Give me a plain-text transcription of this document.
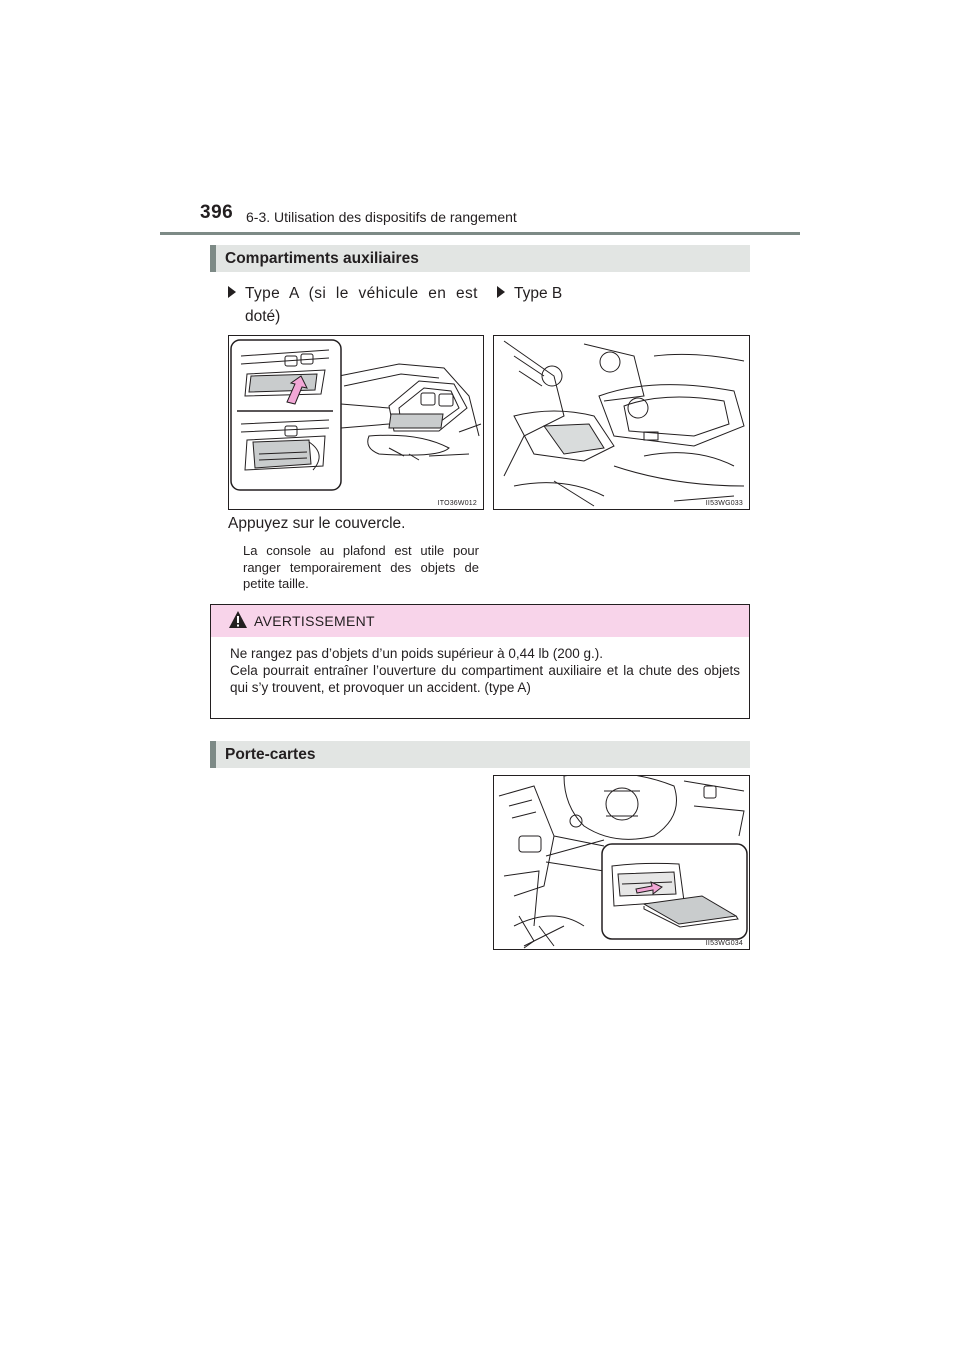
396 6-3. Utilisation des dispositifs de rangement
Compartiments auxiliaires
Type A (si le véhicule en est
doté)
Type B
ITO36W012	II53WG033
Appuyez sur le couvercle.
La console au plafond est utile pour ranger temporairement des objets de petite taille.
AVERTISSEMENT
Ne rangez pas d’objets d’un poids supérieur à 0,44 lb (200 g.).
Cela pourrait entraîner l’ouverture du compartiment auxiliaire et la chute des objets qui s’y trouvent, et provoquer un accident. (type A)
Porte-cartes
II53WG034
